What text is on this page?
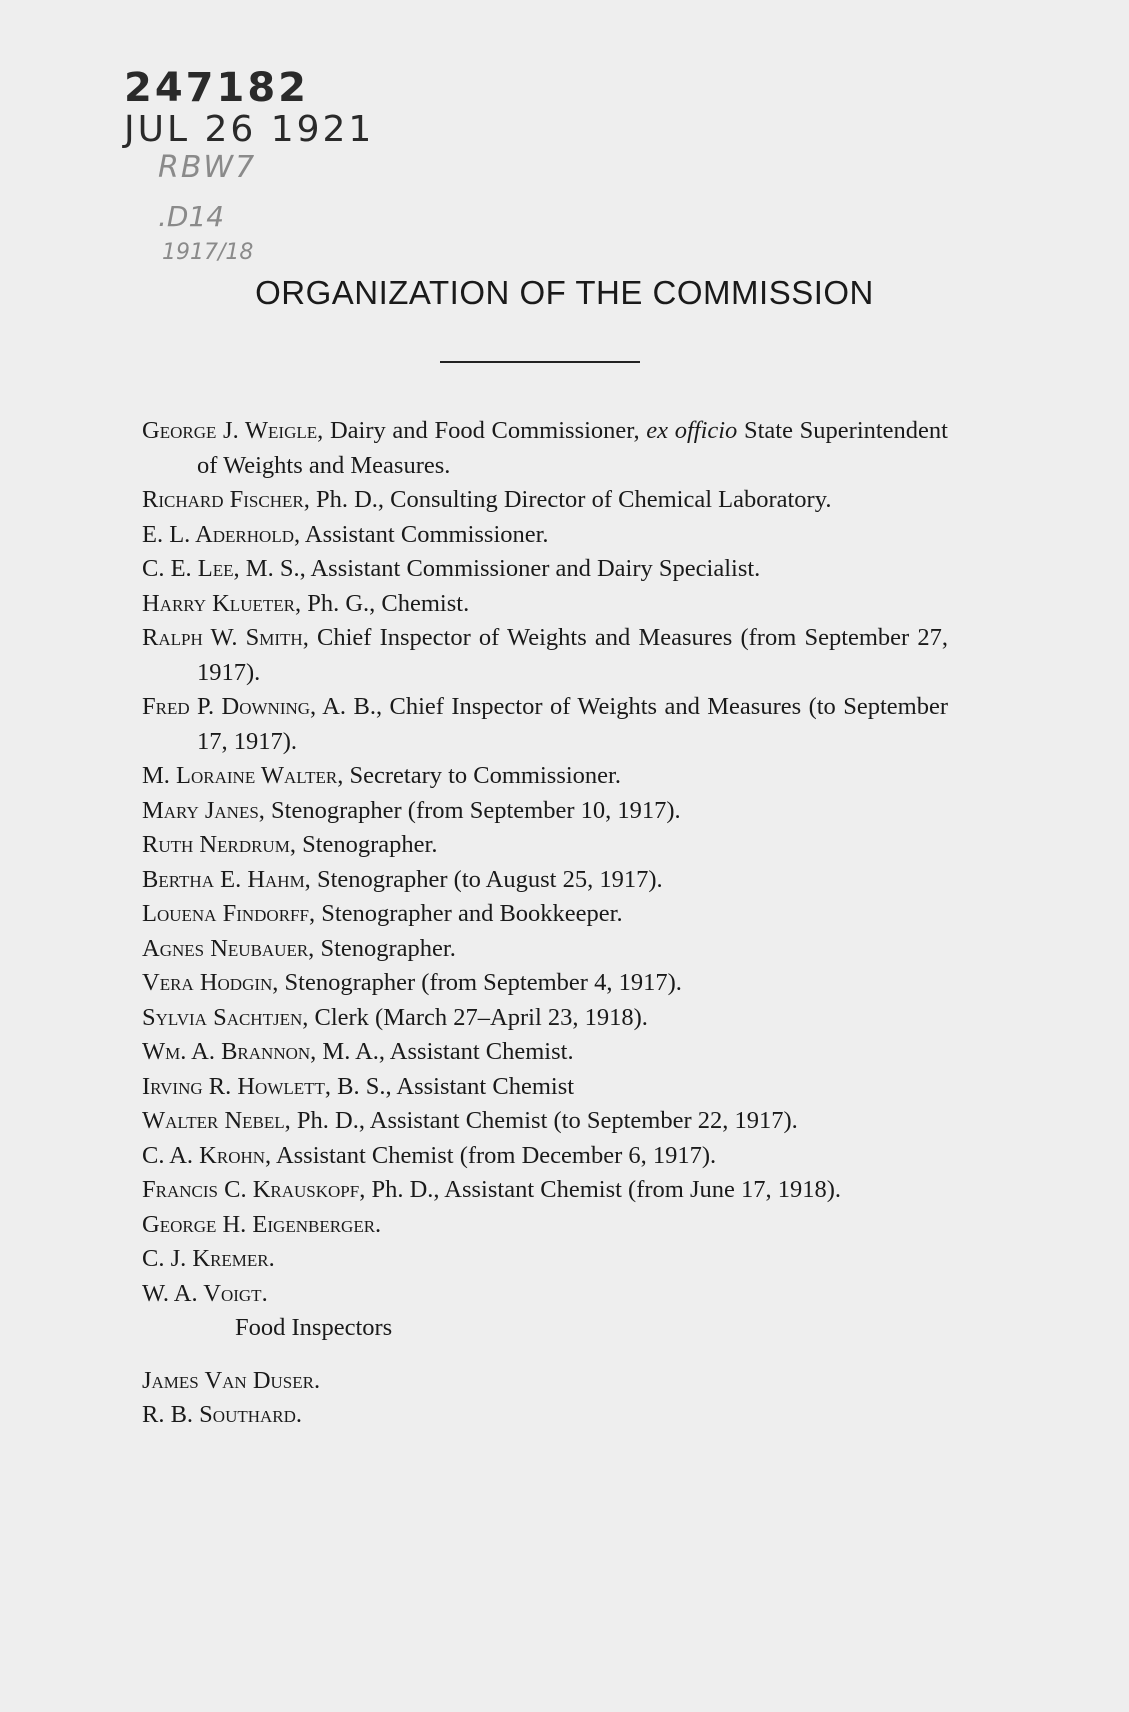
247182
JUL 26 1921
RBW7
.D14
1917/18
ORGANIZATION OF THE COMMISSION
George J. Weigle, Dairy and Food Commissioner, ex officio State Superintendent of Weights and Measures.
Richard Fischer, Ph. D., Consulting Director of Chemical Laboratory.
E. L. Aderhold, Assistant Commissioner.
C. E. Lee, M. S., Assistant Commissioner and Dairy Specialist.
Harry Klueter, Ph. G., Chemist.
Ralph W. Smith, Chief Inspector of Weights and Measures (from September 27, 1917).
Fred P. Downing, A. B., Chief Inspector of Weights and Measures (to September 17, 1917).
M. Loraine Walter, Secretary to Commissioner.
Mary Janes, Stenographer (from September 10, 1917).
Ruth Nerdrum, Stenographer.
Bertha E. Hahm, Stenographer (to August 25, 1917).
Louena Findorff, Stenographer and Bookkeeper.
Agnes Neubauer, Stenographer.
Vera Hodgin, Stenographer (from September 4, 1917).
Sylvia Sachtjen, Clerk (March 27–April 23, 1918).
Wm. A. Brannon, M. A., Assistant Chemist.
Irving R. Howlett, B. S., Assistant Chemist
Walter Nebel, Ph. D., Assistant Chemist (to September 22, 1917).
C. A. Krohn, Assistant Chemist (from December 6, 1917).
Francis C. Krauskopf, Ph. D., Assistant Chemist (from June 17, 1918).
George H. Eigenberger.
C. J. Kremer.
W. A. Voigt.
Food Inspectors
James Van Duser.
R. B. Southard.
